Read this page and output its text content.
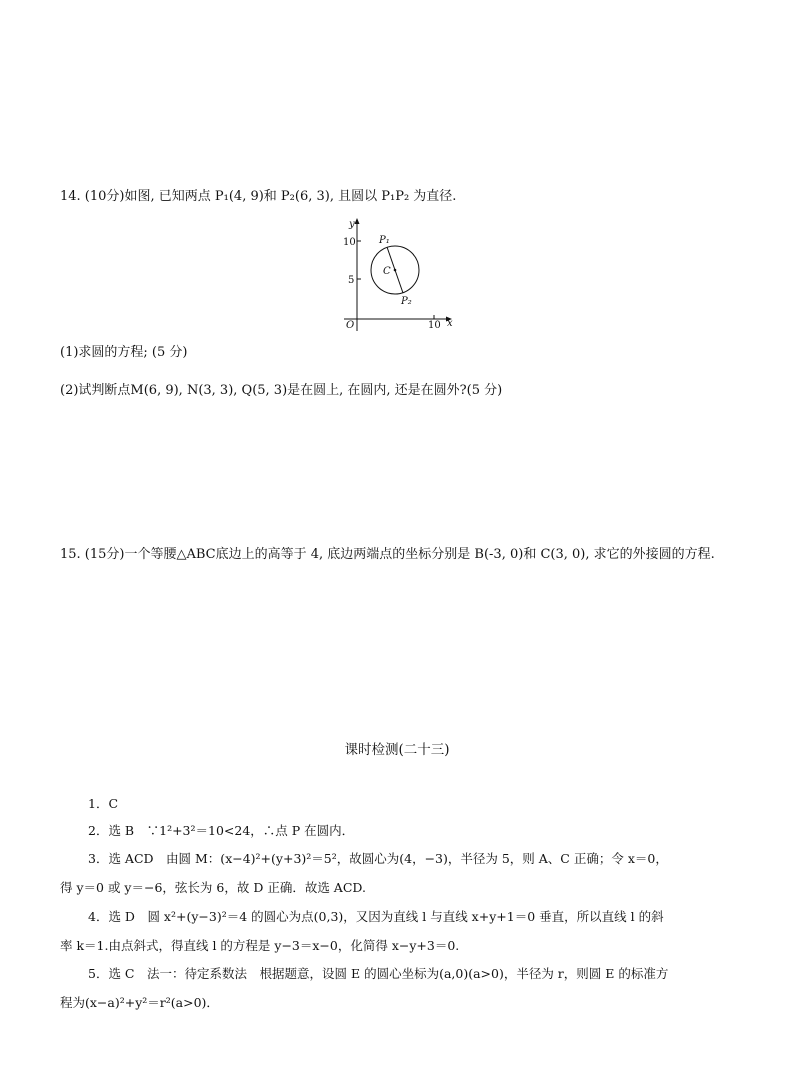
14. (10分)如图, 已知两点 P₁(4, 9)和 P₂(6, 3), 且圆以 P₁P₂ 为直径.
y
x
O
10
5
10
P₁
P₂
C
(1)求圆的方程; (5 分)
(2)试判断点M(6, 9), N(3, 3), Q(5, 3)是在圆上, 在圆内, 还是在圆外?(5 分)
15. (15分)一个等腰△ABC底边上的高等于 4, 底边两端点的坐标分别是 B(-3, 0)和 C(3, 0), 求它的外接圆的方程.
课时检测(二十三)
1．C
2．选 B　∵1²+3²＝10<24，∴点 P 在圆内．
3．选 ACD　由圆 M：(x−4)²+(y+3)²＝5²，故圆心为(4，−3)，半径为 5，则 A、C 正确；令 x＝0，
得 y＝0 或 y＝−6，弦长为 6，故 D 正确．故选 ACD.
4．选 D　圆 x²+(y−3)²＝4 的圆心为点(0,3)，又因为直线 l 与直线 x+y+1＝0 垂直，所以直线 l 的斜
率 k＝1.由点斜式，得直线 l 的方程是 y−3＝x−0，化简得 x−y+3＝0.
5．选 C　法一：待定系数法　根据题意，设圆 E 的圆心坐标为(a,0)(a>0)，半径为 r，则圆 E 的标准方
程为(x−a)²+y²＝r²(a>0)．
